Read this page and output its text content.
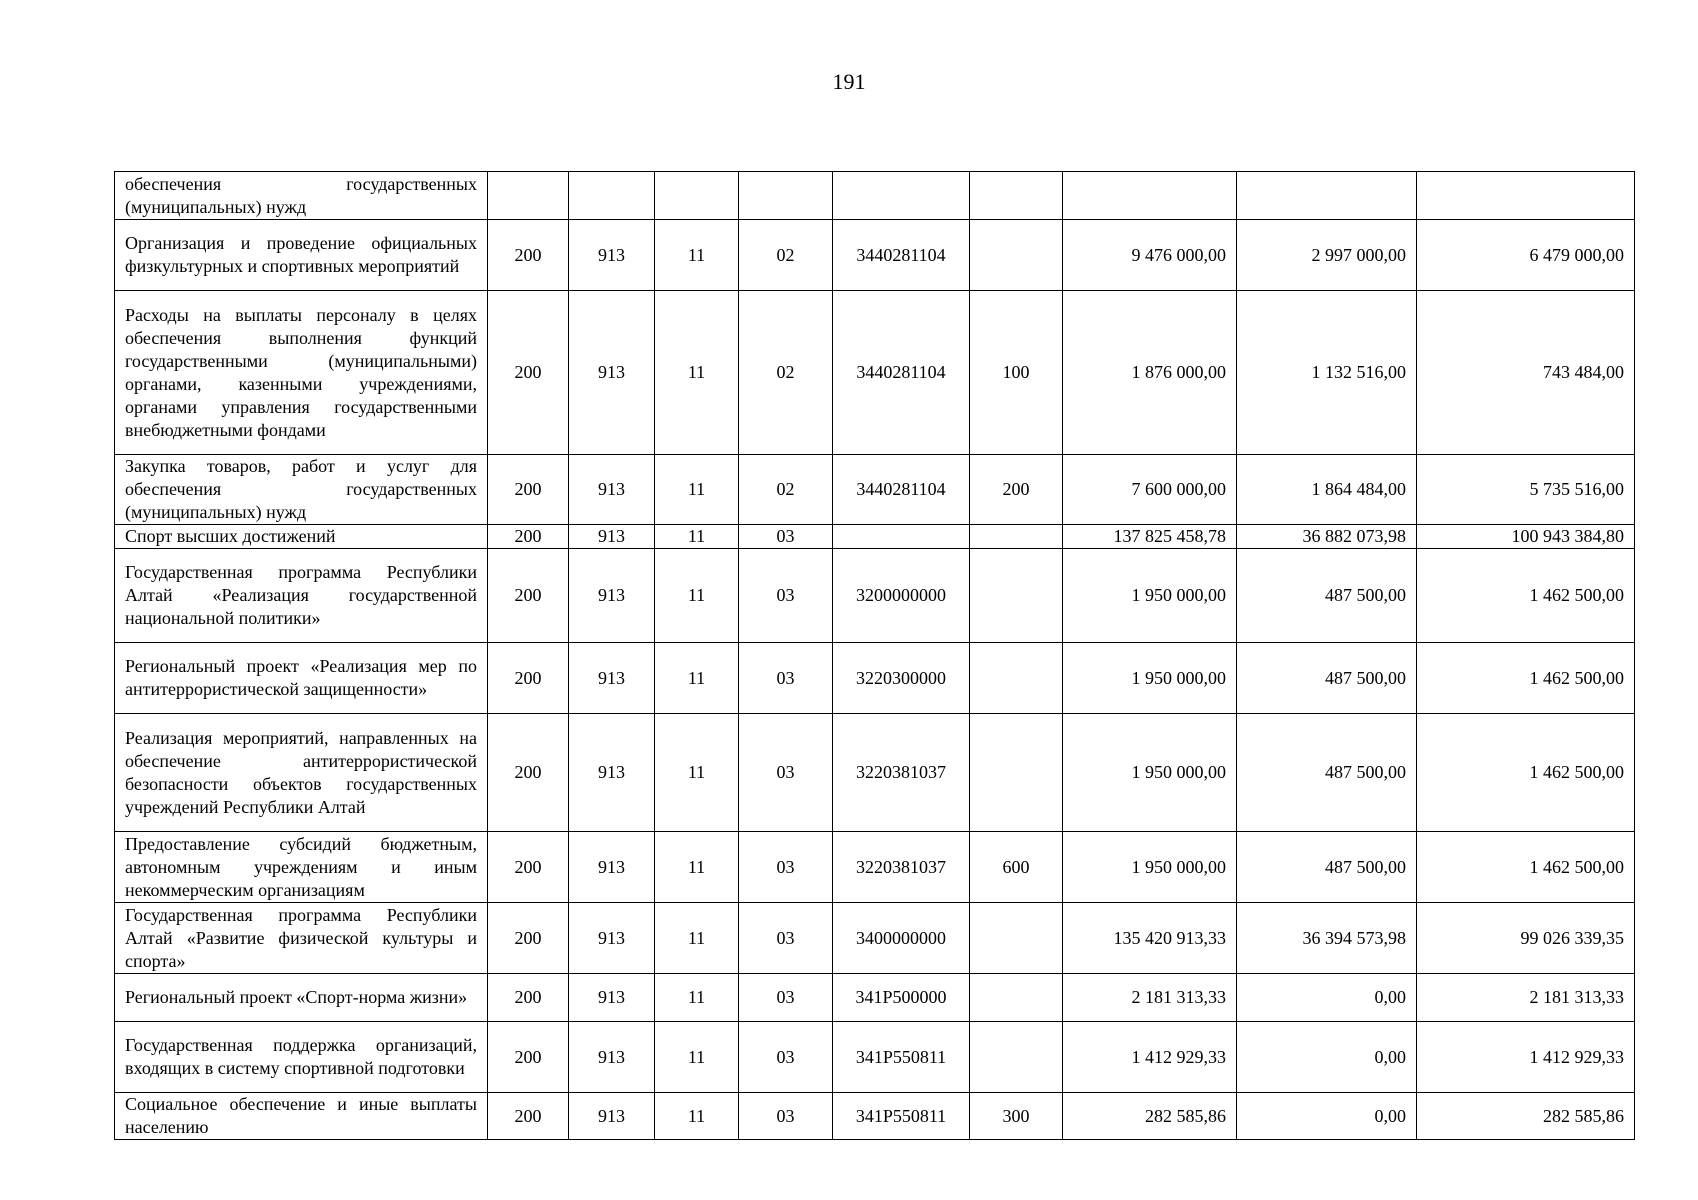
191
обеспечения государственных (муниципальных) нужд									
Организация и проведение официальных физкультурных и спортивных мероприятий	200	913	11	02	3440281104		9 476 000,00	2 997 000,00	6 479 000,00
Расходы на выплаты персоналу в целях обеспечения выполнения функций государственными (муниципальными) органами, казенными учреждениями, органами управления государственными внебюджетными фондами	200	913	11	02	3440281104	100	1 876 000,00	1 132 516,00	743 484,00
Закупка товаров, работ и услуг для обеспечения государственных (муниципальных) нужд	200	913	11	02	3440281104	200	7 600 000,00	1 864 484,00	5 735 516,00
Спорт высших достижений	200	913	11	03			137 825 458,78	36 882 073,98	100 943 384,80
Государственная программа Республики Алтай «Реализация государственной национальной политики»	200	913	11	03	3200000000		1 950 000,00	487 500,00	1 462 500,00
Региональный проект «Реализация мер по антитеррористической защищенности»	200	913	11	03	3220300000		1 950 000,00	487 500,00	1 462 500,00
Реализация мероприятий, направленных на обеспечение антитеррористической безопасности объектов государственных учреждений Республики Алтай	200	913	11	03	3220381037		1 950 000,00	487 500,00	1 462 500,00
Предоставление субсидий бюджетным, автономным учреждениям и иным некоммерческим организациям	200	913	11	03	3220381037	600	1 950 000,00	487 500,00	1 462 500,00
Государственная программа Республики Алтай «Развитие физической культуры и спорта»	200	913	11	03	3400000000		135 420 913,33	36 394 573,98	99 026 339,35
Региональный проект «Спорт-норма жизни»	200	913	11	03	341P500000		2 181 313,33	0,00	2 181 313,33
Государственная поддержка организаций, входящих в систему спортивной подготовки	200	913	11	03	341P550811		1 412 929,33	0,00	1 412 929,33
Социальное обеспечение и иные выплаты населению	200	913	11	03	341P550811	300	282 585,86	0,00	282 585,86
